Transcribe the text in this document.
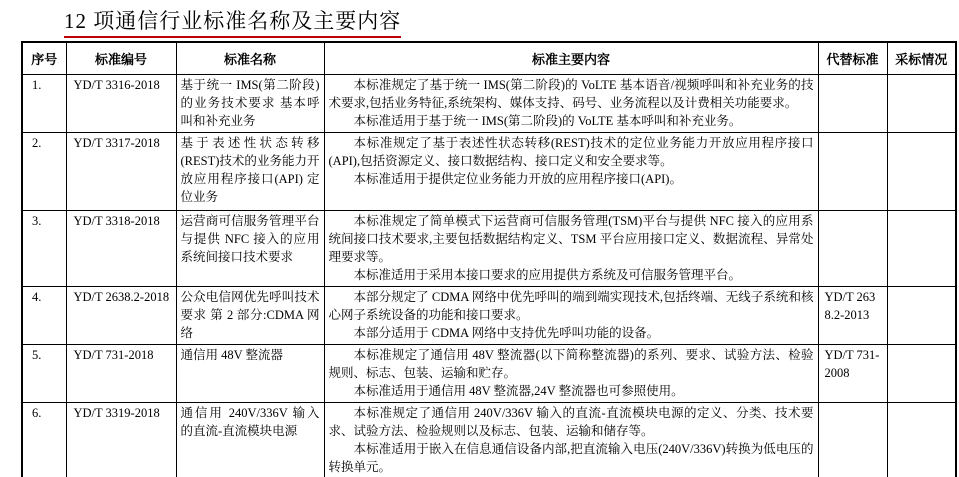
12 项通信行业标准名称及主要内容
序号	标准编号	标准名称	标准主要内容	代替标准	采标情况
1.	YD/T 3316-2018	基于统一 IMS(第二阶段)的业务技术要求 基本呼叫和补充业务	本标准规定了基于统一 IMS(第二阶段)的 VoLTE 基本语音/视频呼叫和补充业务的技术要求,包括业务特征,系统架构、媒体支持、码号、业务流程以及计费相关功能要求。

本标准适用于基于统一 IMS(第二阶段)的 VoLTE 基本呼叫和补充业务。		

2.	YD/T 3317-2018	基于表述性状态转移(REST)技术的业务能力开放应用程序接口(API) 定位业务	本标准规定了基于表述性状态转移(REST)技术的定位业务能力开放应用程序接口(API),包括资源定义、接口数据结构、接口定义和安全要求等。

本标准适用于提供定位业务能力开放的应用程序接口(API)。		

3.	YD/T 3318-2018	运营商可信服务管理平台与提供 NFC 接入的应用系统间接口技术要求	本标准规定了简单模式下运营商可信服务管理(TSM)平台与提供 NFC 接入的应用系统间接口技术要求,主要包括数据结构定义、TSM 平台应用接口定义、数据流程、异常处理要求等。

本标准适用于采用本接口要求的应用提供方系统及可信服务管理平台。		

4.	YD/T 2638.2-2018	公众电信网优先呼叫技术要求 第 2 部分:CDMA 网络	本部分规定了 CDMA 网络中优先呼叫的端到端实现技术,包括终端、无线子系统和核心网子系统设备的功能和接口要求。

本部分适用于 CDMA 网络中支持优先呼叫功能的设备。	YD/T 2638.2-2013	
5.	YD/T 731-2018	通信用 48V 整流器	本标准规定了通信用 48V 整流器(以下简称整流器)的系列、要求、试验方法、检验规则、标志、包装、运输和贮存。

本标准适用于通信用 48V 整流器,24V 整流器也可参照使用。	YD/T 731-2008	
6.	YD/T 3319-2018	通信用 240V/336V 输入的直流-直流模块电源	本标准规定了通信用 240V/336V 输入的直流-直流模块电源的定义、分类、技术要求、试验方法、检验规则以及标志、包装、运输和储存等。

本标准适用于嵌入在信息通信设备内部,把直流输入电压(240V/336V)转换为低电压的转换单元。		
